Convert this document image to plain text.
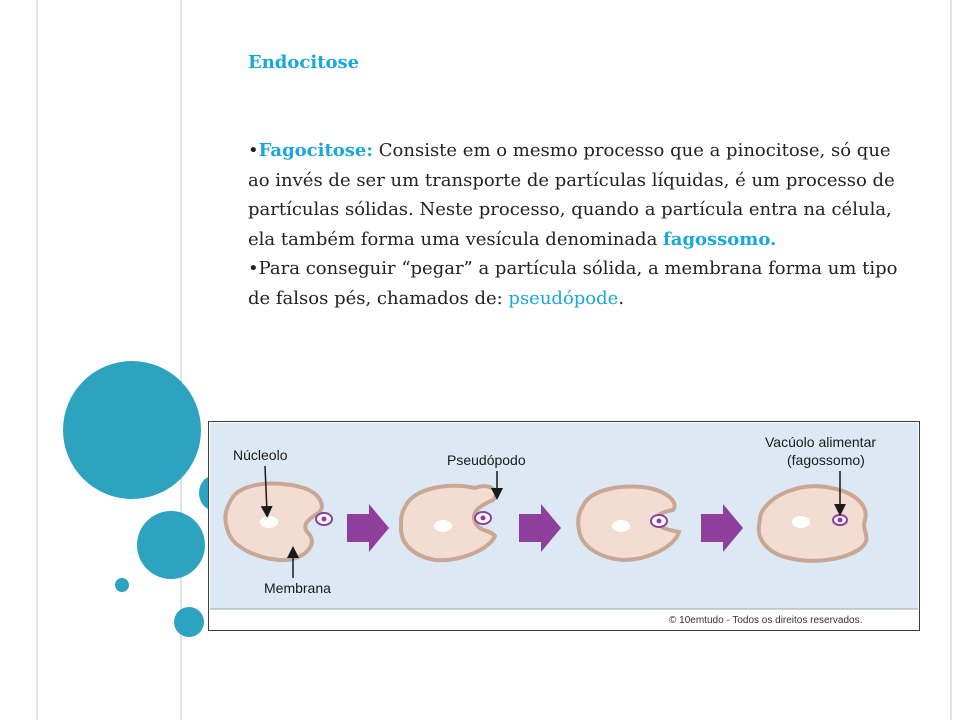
Endocitose

•Fagocitose: Consiste em o mesmo processo que a pinocitose, só que ao invés de ser um transporte de partículas líquidas, é um processo de partículas sólidas. Neste processo, quando a partícula entra na célula, ela também forma uma vesícula denominada fagossomo.

•Para conseguir “pegar” a partícula sólida, a membrana forma um tipo de falsos pés, chamados de: pseudópode.

Núcleolo
Membrana
Pseudópodo
Vacúolo alimentar
(fagossomo)
© 10emtudo - Todos os direitos reservados.
